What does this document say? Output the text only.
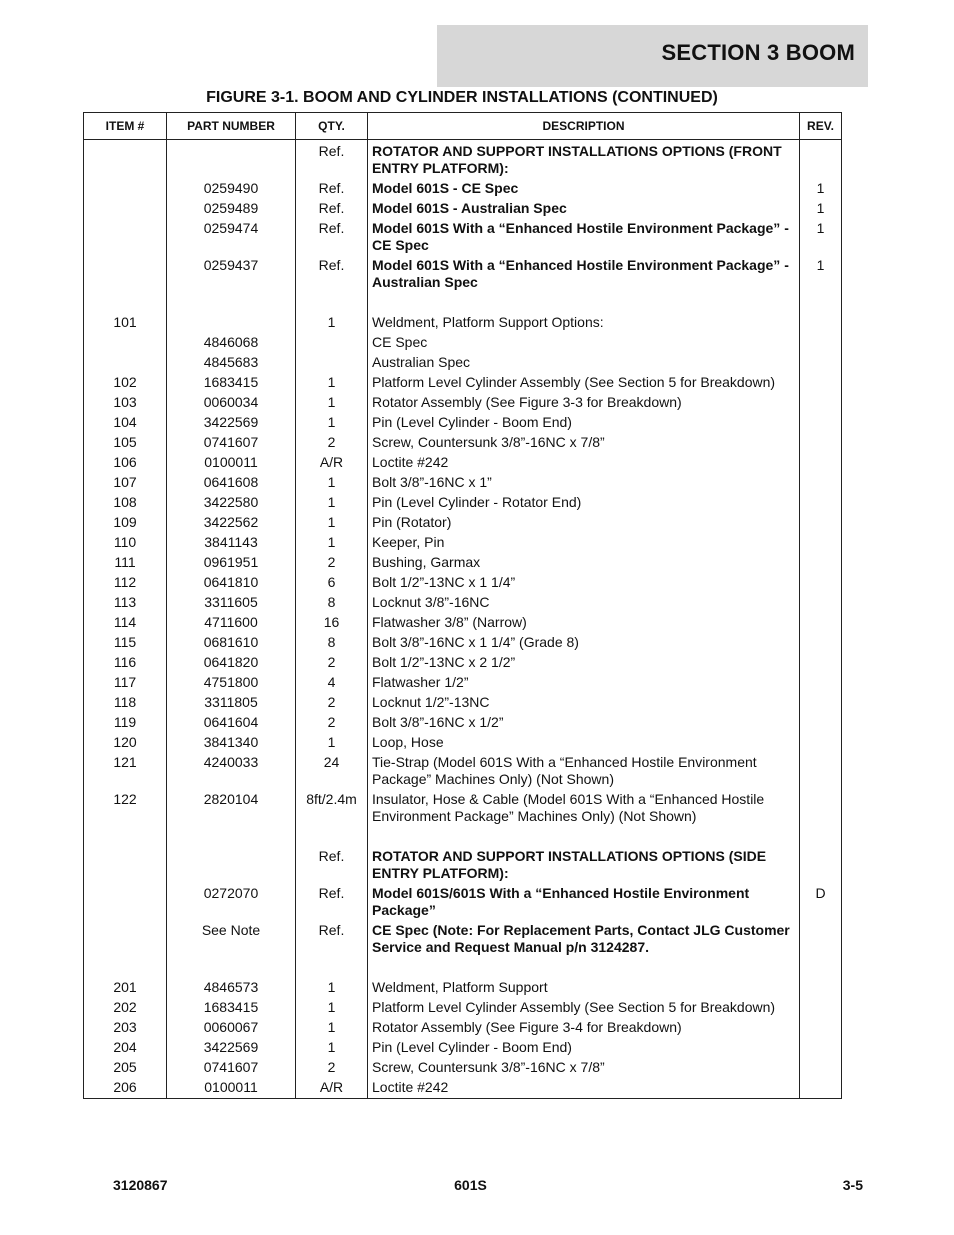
SECTION 3 BOOM
FIGURE 3-1. BOOM AND CYLINDER INSTALLATIONS (CONTINUED)
ITEM #	PART NUMBER	QTY.	DESCRIPTION	REV.
		Ref.	ROTATOR AND SUPPORT INSTALLATIONS OPTIONS (FRONT ENTRY PLATFORM):	
	0259490	Ref.	Model 601S - CE Spec	1
	0259489	Ref.	Model 601S - Australian Spec	1
	0259474	Ref.	Model 601S With a “Enhanced Hostile Environment Package” - CE Spec	1
	0259437	Ref.	Model 601S With a “Enhanced Hostile Environment Package” - Australian Spec	1

101		1	Weldment, Platform Support Options:	
	4846068		CE Spec	
	4845683		Australian Spec	
102	1683415	1	Platform Level Cylinder Assembly (See Section 5 for Breakdown)	
103	0060034	1	Rotator Assembly (See Figure 3-3 for Breakdown)	
104	3422569	1	Pin (Level Cylinder - Boom End)	
105	0741607	2	Screw, Countersunk 3/8”-16NC x 7/8”	
106	0100011	A/R	Loctite #242	
107	0641608	1	Bolt 3/8”-16NC x 1”	
108	3422580	1	Pin (Level Cylinder - Rotator End)	
109	3422562	1	Pin (Rotator)	
110	3841143	1	Keeper, Pin	
111	0961951	2	Bushing, Garmax	
112	0641810	6	Bolt 1/2”-13NC x 1 1/4”	
113	3311605	8	Locknut 3/8”-16NC	
114	4711600	16	Flatwasher 3/8” (Narrow)	
115	0681610	8	Bolt 3/8”-16NC x 1 1/4” (Grade 8)	
116	0641820	2	Bolt 1/2”-13NC x 2 1/2”	
117	4751800	4	Flatwasher 1/2”	
118	3311805	2	Locknut 1/2”-13NC	
119	0641604	2	Bolt 3/8”-16NC x 1/2”	
120	3841340	1	Loop, Hose	
121	4240033	24	Tie-Strap (Model 601S With a “Enhanced Hostile Environment Package” Machines Only) (Not Shown)	
122	2820104	8ft/2.4m	Insulator, Hose & Cable (Model 601S With a “Enhanced Hostile Environment Package” Machines Only) (Not Shown)	

		Ref.	ROTATOR AND SUPPORT INSTALLATIONS OPTIONS (SIDE ENTRY PLATFORM):	
	0272070	Ref.	Model 601S/601S With a “Enhanced Hostile Environment Package”	D
	See Note	Ref.	CE Spec (Note: For Replacement Parts, Contact JLG Customer Service and Request Manual p/n 3124287.	

201	4846573	1	Weldment, Platform Support	
202	1683415	1	Platform Level Cylinder Assembly (See Section 5 for Breakdown)	
203	0060067	1	Rotator Assembly (See Figure 3-4 for Breakdown)	
204	3422569	1	Pin (Level Cylinder - Boom End)	
205	0741607	2	Screw, Countersunk 3/8”-16NC x 7/8”	
206	0100011	A/R	Loctite #242	
3120867	601S	3-5
